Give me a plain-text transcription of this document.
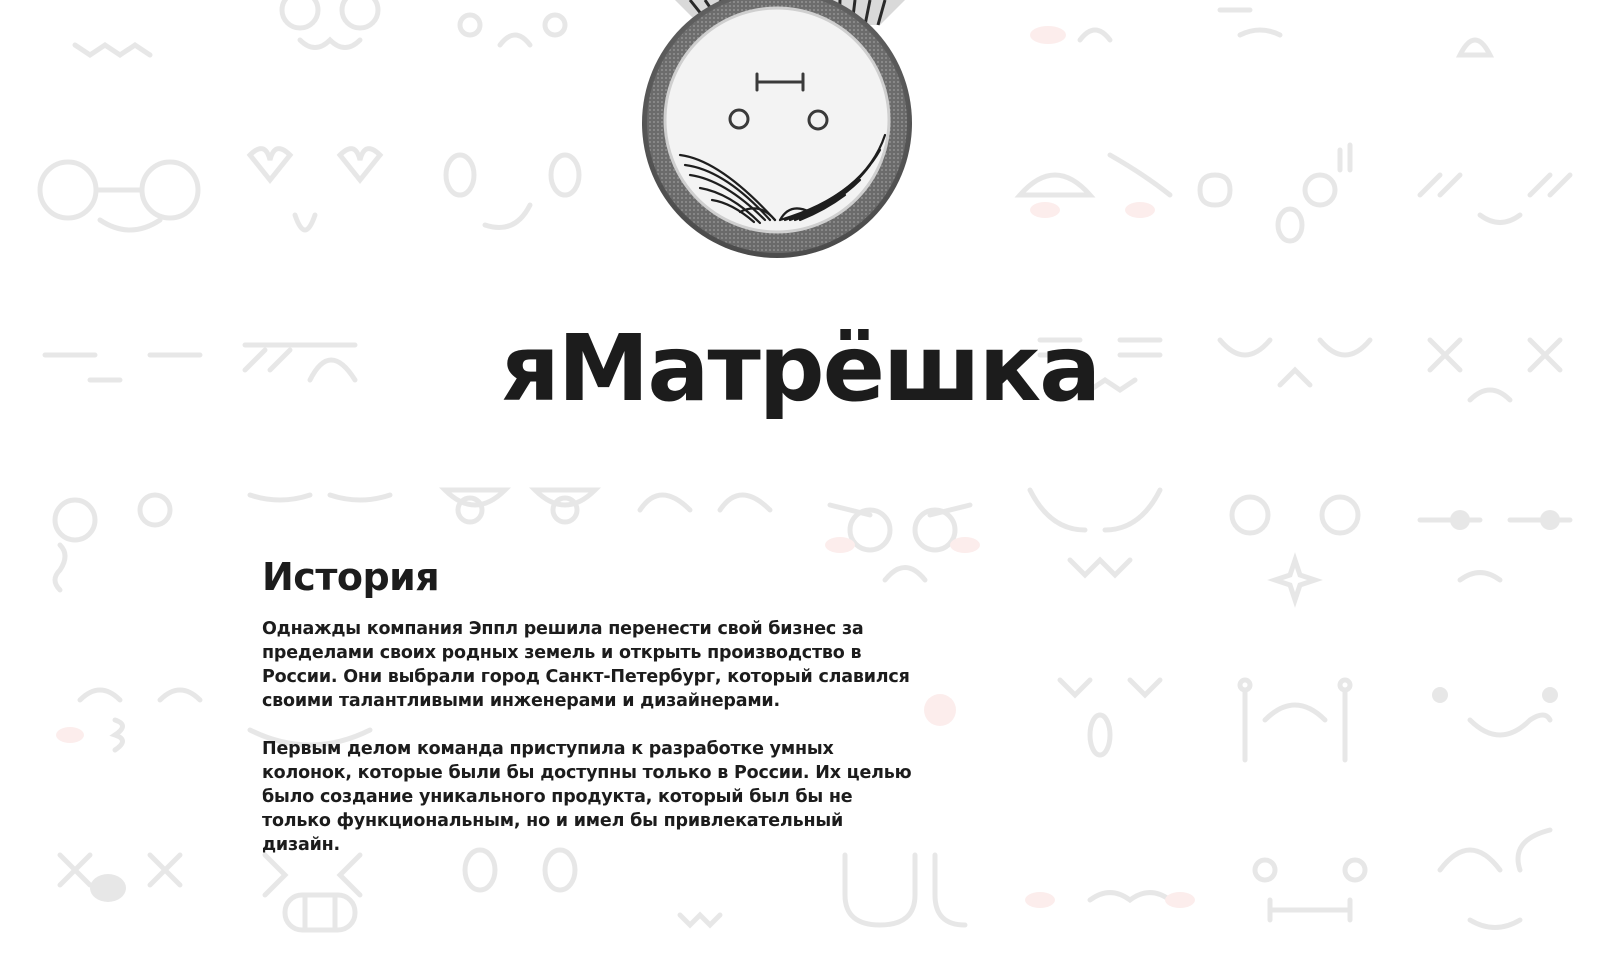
яМатрёшка
История

Однажды компания Эппл решила перенести свой бизнес за пределами своих родных земель и открыть производство в России. Они выбрали город Санкт-Петербург, который славился своими талантливыми инженерами и дизайнерами.

Первым делом команда приступила к разработке умных колонок, которые были бы доступны только в России. Их целью было создание уникального продукта, который был бы не только функциональным, но и имел бы привлекательный дизайн.
